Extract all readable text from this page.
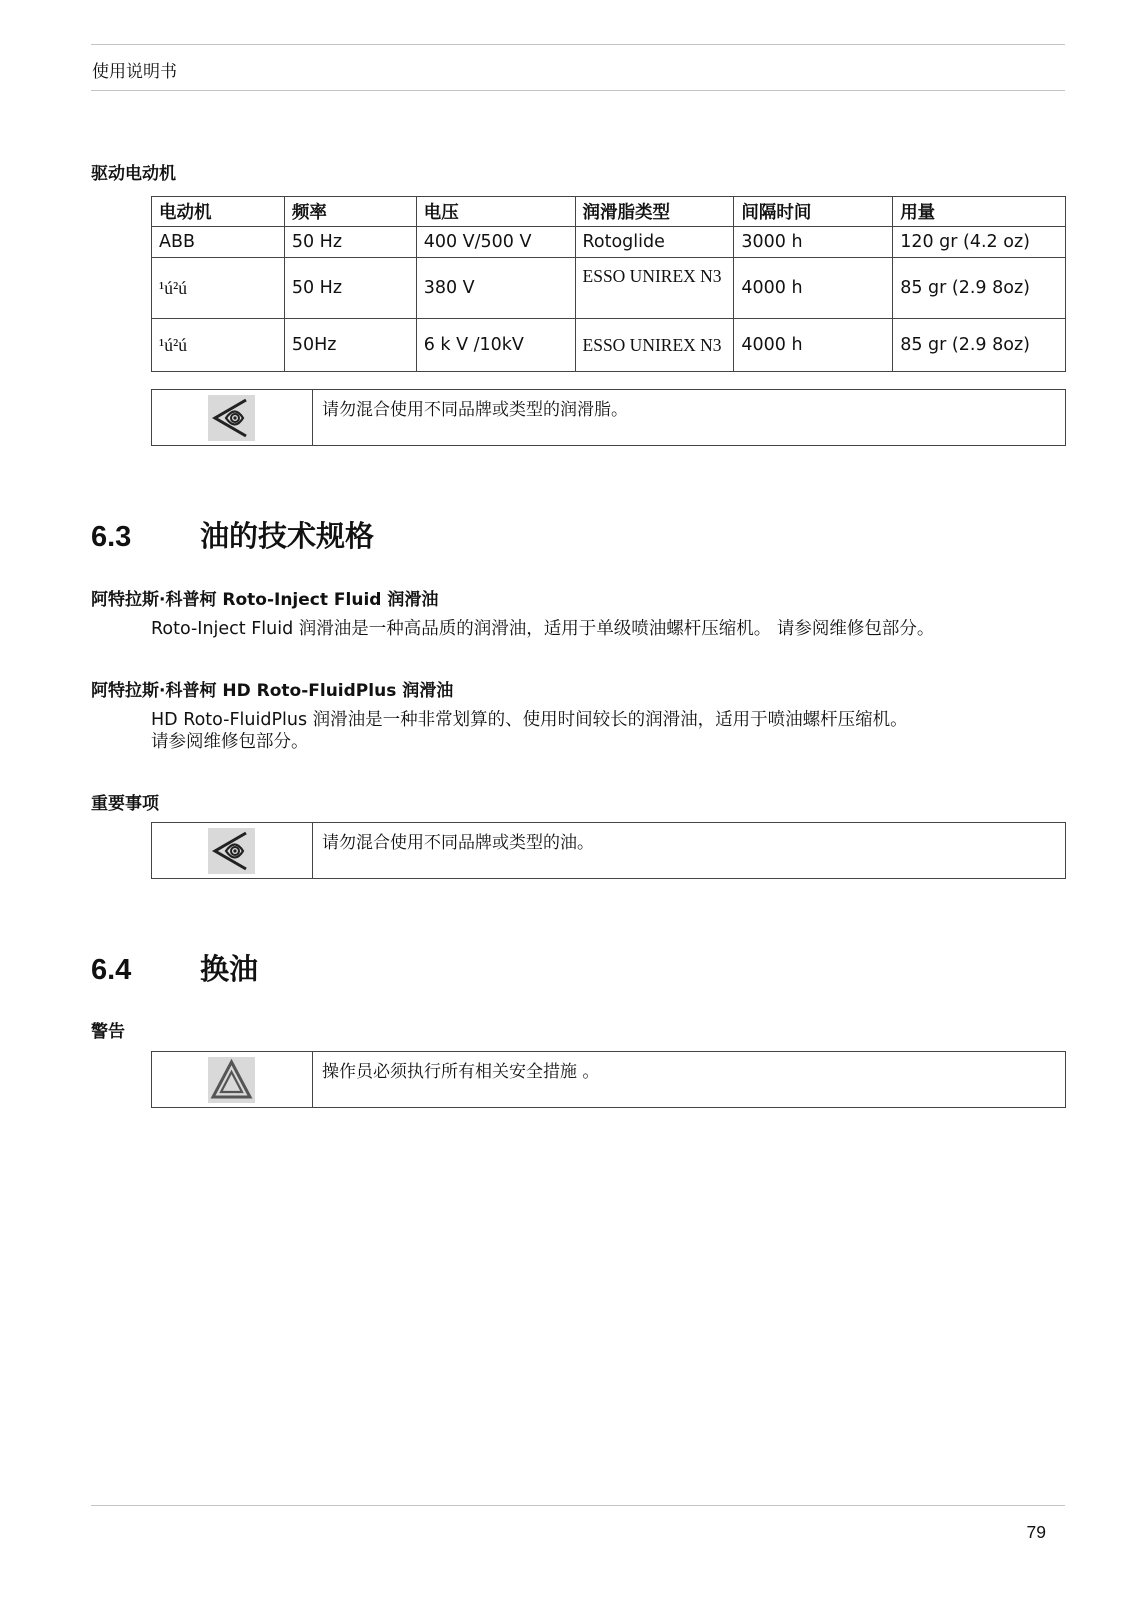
使用说明书
驱动电动机
电动机	频率	电压	润滑脂类型	间隔时间	用量
ABB	50 Hz	400 V/500 V	Rotoglide	3000 h	120 gr (4.2 oz)
¹ú²ú	50 Hz	380 V	ESSO UNIREX N3	4000 h	85 gr (2.9 8oz)
¹ú²ú	50Hz	6 k V /10kV	ESSO UNIREX N3	4000 h	85 gr (2.9 8oz)
请勿混合使用不同品牌或类型的润滑脂。
6.3 油的技术规格
阿特拉斯·科普柯 Roto-Inject Fluid 润滑油
Roto-Inject Fluid 润滑油是一种高品质的润滑油，适用于单级喷油螺杆压缩机。 请参阅维修包部分。
阿特拉斯·科普柯 HD Roto-FluidPlus 润滑油
HD Roto-FluidPlus 润滑油是一种非常划算的、使用时间较长的润滑油，适用于喷油螺杆压缩机。
请参阅维修包部分。
重要事项
请勿混合使用不同品牌或类型的油。
6.4 换油
警告
操作员必须执行所有相关安全措施 。
79
